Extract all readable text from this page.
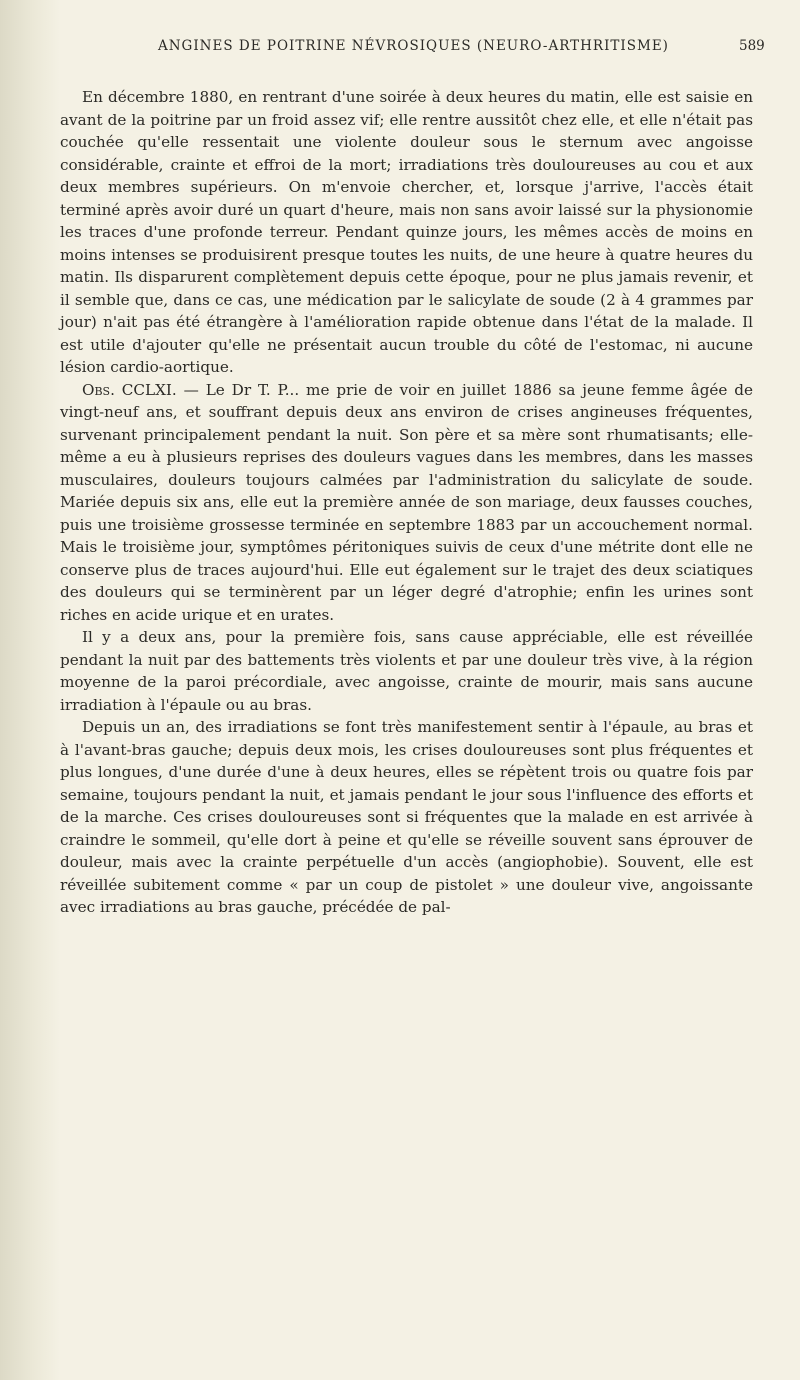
ANGINES DE POITRINE NÉVROSIQUES (NEURO-ARTHRITISME)	589

En décembre 1880, en rentrant d'une soirée à deux heures du matin, elle est saisie en avant de la poitrine par un froid assez vif; elle rentre aussitôt chez elle, et elle n'était pas couchée qu'elle ressentait une violente douleur sous le sternum avec angoisse considérable, crainte et effroi de la mort; irradiations très douloureuses au cou et aux deux membres supérieurs. On m'envoie chercher, et, lorsque j'arrive, l'accès était terminé après avoir duré un quart d'heure, mais non sans avoir laissé sur la physionomie les traces d'une profonde terreur. Pendant quinze jours, les mêmes accès de moins en moins intenses se produisirent presque toutes les nuits, de une heure à quatre heures du matin. Ils disparurent complètement depuis cette époque, pour ne plus jamais revenir, et il semble que, dans ce cas, une médication par le salicylate de soude (2 à 4 grammes par jour) n'ait pas été étrangère à l'amélioration rapide obtenue dans l'état de la malade. Il est utile d'ajouter qu'elle ne présentait aucun trouble du côté de l'estomac, ni aucune lésion cardio-aortique.

Obs. CCLXI. — Le Dr T. P... me prie de voir en juillet 1886 sa jeune femme âgée de vingt-neuf ans, et souffrant depuis deux ans environ de crises angineuses fréquentes, survenant principalement pendant la nuit. Son père et sa mère sont rhumatisants; elle-même a eu à plusieurs reprises des douleurs vagues dans les membres, dans les masses musculaires, douleurs toujours calmées par l'administration du salicylate de soude. Mariée depuis six ans, elle eut la première année de son mariage, deux fausses couches, puis une troisième grossesse terminée en septembre 1883 par un accouchement normal. Mais le troisième jour, symptômes péritoniques suivis de ceux d'une métrite dont elle ne conserve plus de traces aujourd'hui. Elle eut également sur le trajet des deux sciatiques des douleurs qui se terminèrent par un léger degré d'atrophie; enfin les urines sont riches en acide urique et en urates.

Il y a deux ans, pour la première fois, sans cause appréciable, elle est réveillée pendant la nuit par des battements très violents et par une douleur très vive, à la région moyenne de la paroi précordiale, avec angoisse, crainte de mourir, mais sans aucune irradiation à l'épaule ou au bras.

Depuis un an, des irradiations se font très manifestement sentir à l'épaule, au bras et à l'avant-bras gauche; depuis deux mois, les crises douloureuses sont plus fréquentes et plus longues, d'une durée d'une à deux heures, elles se répètent trois ou quatre fois par semaine, toujours pendant la nuit, et jamais pendant le jour sous l'influence des efforts et de la marche. Ces crises douloureuses sont si fréquentes que la malade en est arrivée à craindre le sommeil, qu'elle dort à peine et qu'elle se réveille souvent sans éprouver de douleur, mais avec la crainte perpétuelle d'un accès (angiophobie). Souvent, elle est réveillée subitement comme « par un coup de pistolet » une douleur vive, angoissante avec irradiations au bras gauche, précédée de pal-
